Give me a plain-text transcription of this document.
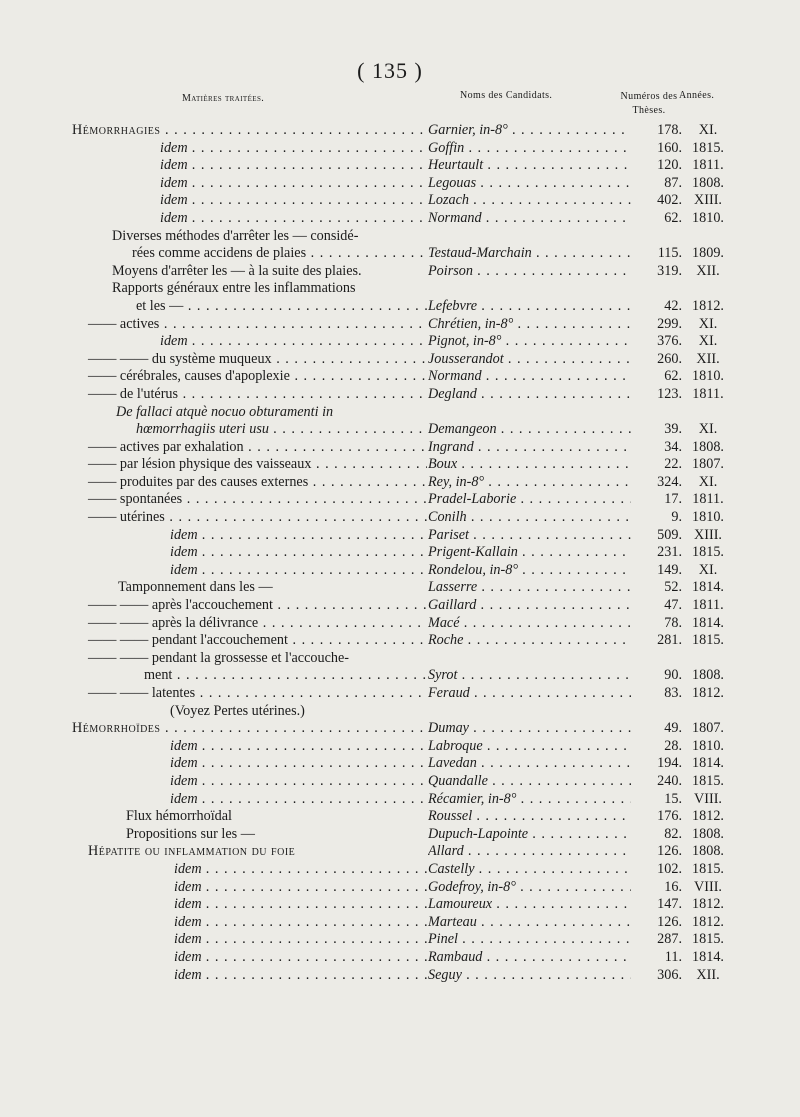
( 135 )
Matières traitées.	Noms des Candidats.	Numéros des Thèses.
Années.
Hémorrhagies . . .	Garnier, in-8° . . .	178.	XI.
idem . . .	Goffin . . .	160. 1815.
idem . . .	Heurtault . . .	120. 1811.
idem . . .	Legouas . . .	87. 1808.
idem . . .	Lozach . . .	402. XIII.
idem . . .	Normand . . .	62. 1810.
Diverses méthodes d'arrêter les — considé-
rées comme accidens de plaies . . .	Testaud-Marchain . . .	115. 1809.
Moyens d'arrêter les — à la suite des plaies.	Poirson . . .	319.	XII.
Rapports généraux entre les inflammations
et les — . . .	Lefebvre . . .	42. 1812.
—— actives . . .	Chrétien, in-8° . . .	299.	XI.
idem . . .	Pignot, in-8° . . .	376.	XI.
—— —— du système muqueux . . .	Jousserandot . . .	260.	XII.
—— cérébrales, causes d'apoplexie . . .	Normand . . .	62. 1810.
—— de l'utérus . . .	Degland . . .	123. 1811.
De fallaci atquè nocuo obturamenti in
hœmorrhagiis uteri usu . . .	Demangeon . . .	39.	XI.
—— actives par exhalation . . .	Ingrand . . .	34. 1808.
—— par lésion physique des vaisseaux . . .	Boux . . .	22. 1807.
—— produites par des causes externes . . .	Rey, in-8° . . .	324.	XI.
—— spontanées . . .	Pradel-Laborie . . .	17. 1811.
—— utérines . . .	Conilh . . .	9. 1810.
idem . . .	Pariset . . .	509. XIII.
idem . . .	Prigent-Kallain . . .	231. 1815.
idem . . .	Rondelou, in-8° . . .	149.	XI.
Tamponnement dans les —	Lasserre . . .	52. 1814.
—— —— après l'accouchement . . .	Gaillard . . .	47. 1811.
—— —— après la délivrance . . .	Macé . . .	78. 1814.
—— —— pendant l'accouchement . . .	Roche . . .	281. 1815.
—— —— pendant la grossesse et l'accouche-
ment . . .	Syrot . . .	90. 1808.
—— —— latentes . . .	Feraud . . .	83. 1812.
(Voyez Pertes utérines.)
Hémorrhoïdes . . .	Dumay . . .	49. 1807.
idem . . .	Labroque . . .	28. 1810.
idem . . .	Lavedan . . .	194. 1814.
idem . . .	Quandalle . . .	240. 1815.
idem . . .	Récamier, in-8° . . .	15. VIII.
Flux hémorrhoïdal	Roussel . . .	176. 1812.
Propositions sur les —	Dupuch-Lapointe . . .	82. 1808.
Hépatite ou inflammation du foie	Allard . . .	126. 1808.
idem . . .	Castelly . . .	102. 1815.
idem . . .	Godefroy, in-8° . . .	16. VIII.
idem . . .	Lamoureux . . .	147. 1812.
idem . . .	Marteau . . .	126. 1812.
idem . . .	Pinel . . .	287. 1815.
idem . . .	Rambaud . . .	11. 1814.
idem . . .	Seguy . . .	306.	XII.
